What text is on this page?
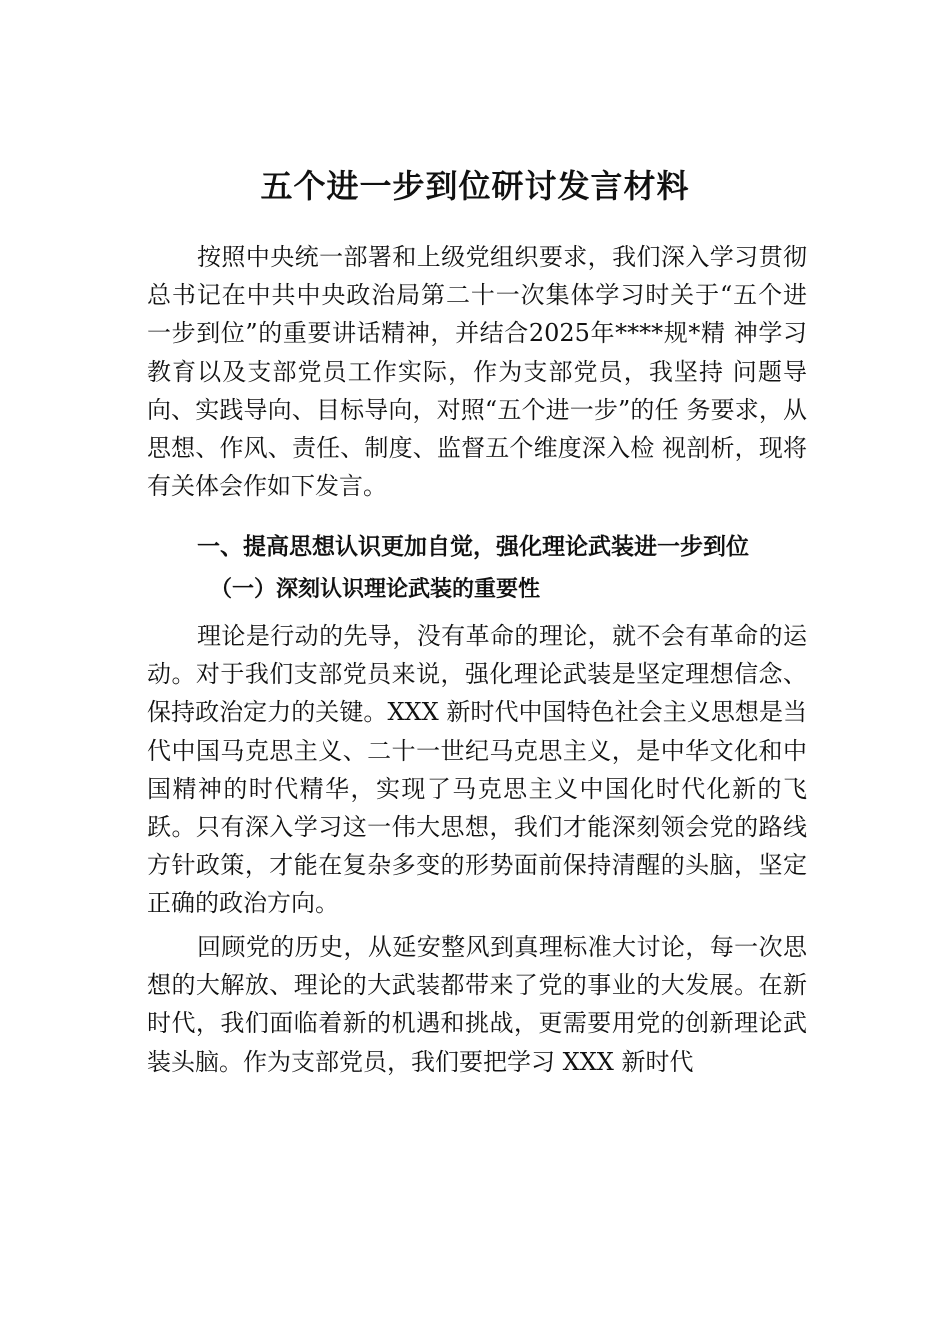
五个进一步到位研讨发言材料

按照中央统一部署和上级党组织要求，我们深入学习贯彻总书记在中共中央政治局第二十一次集体学习时关于“五个进一步到位”的重要讲话精神，并结合2025年****规*精 神学习教育以及支部党员工作实际，作为支部党员，我坚持 问题导向、实践导向、目标导向，对照“五个进一步”的任 务要求，从思想、作风、责任、制度、监督五个维度深入检 视剖析，现将有关体会作如下发言。

一、提高思想认识更加自觉，强化理论武装进一步到位
（一）深刻认识理论武装的重要性

理论是行动的先导，没有革命的理论，就不会有革命的运动。对于我们支部党员来说，强化理论武装是坚定理想信念、保持政治定力的关键。XXX 新时代中国特色社会主义思想是当代中国马克思主义、二十一世纪马克思主义，是中华文化和中国精神的时代精华，实现了马克思主义中国化时代化新的飞跃。只有深入学习这一伟大思想，我们才能深刻领会党的路线方针政策，才能在复杂多变的形势面前保持清醒的头脑，坚定正确的政治方向。

回顾党的历史，从延安整风到真理标准大讨论，每一次思想的大解放、理论的大武装都带来了党的事业的大发展。在新时代，我们面临着新的机遇和挑战，更需要用党的创新理论武装头脑。作为支部党员，我们要把学习 XXX 新时代
